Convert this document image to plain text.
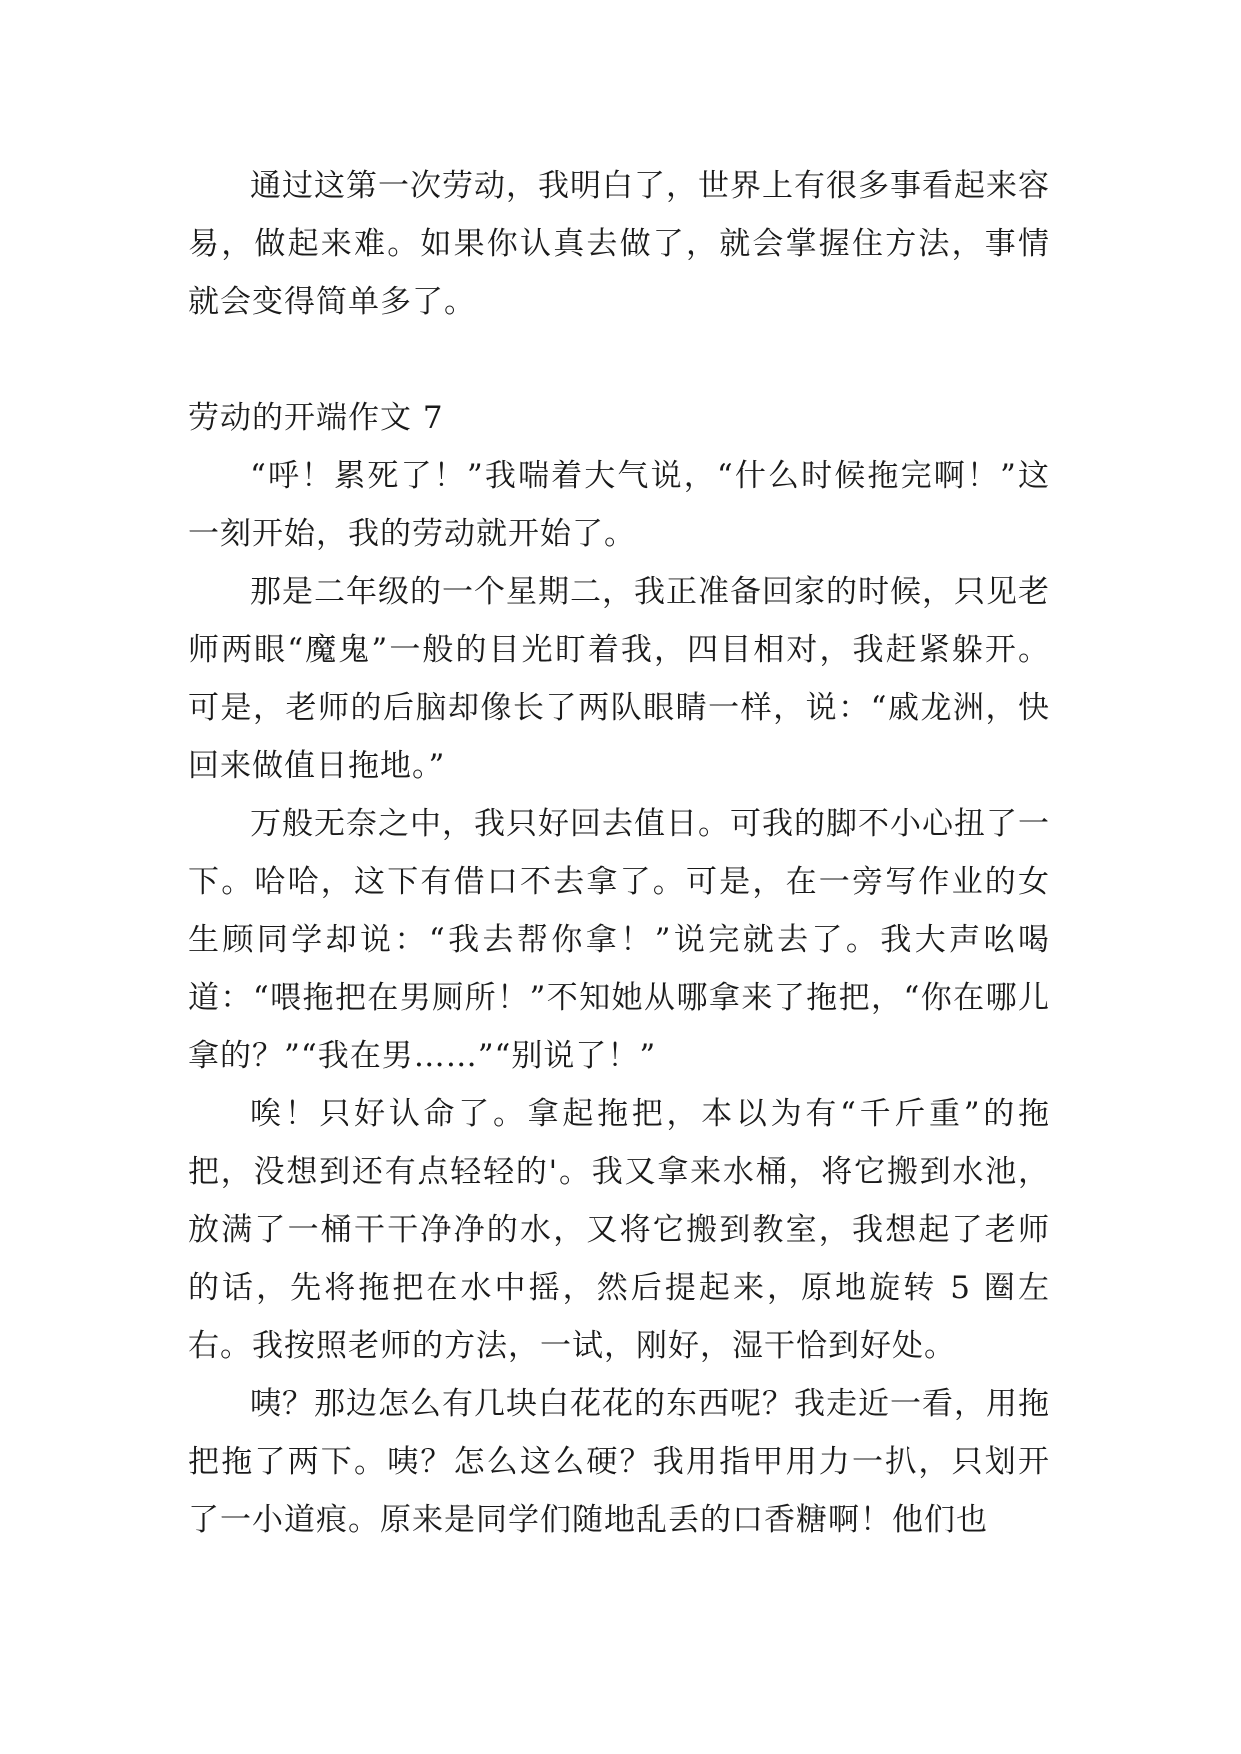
通过这第一次劳动，我明白了，世界上有很多事看起来容易，做起来难。如果你认真去做了，就会掌握住方法，事情就会变得简单多了。

劳动的开端作文 7

“呼！累死了！”我喘着大气说，“什么时候拖完啊！”这一刻开始，我的劳动就开始了。

那是二年级的一个星期二，我正准备回家的时候，只见老师两眼“魔鬼”一般的目光盯着我，四目相对，我赶紧躲开。可是，老师的后脑却像长了两队眼睛一样，说：“戚龙洲，快回来做值日拖地。”

万般无奈之中，我只好回去值日。可我的脚不小心扭了一下。哈哈，这下有借口不去拿了。可是，在一旁写作业的女生顾同学却说：“我去帮你拿！”说完就去了。我大声吆喝道：“喂拖把在男厕所！”不知她从哪拿来了拖把，“你在哪儿拿的？”“我在男……”“别说了！”

唉！只好认命了。拿起拖把，本以为有“千斤重”的拖把，没想到还有点轻轻的'。我又拿来水桶，将它搬到水池，放满了一桶干干净净的水，又将它搬到教室，我想起了老师的话，先将拖把在水中摇，然后提起来，原地旋转 5 圈左右。我按照老师的方法，一试，刚好，湿干恰到好处。

咦？那边怎么有几块白花花的东西呢？我走近一看，用拖把拖了两下。咦？怎么这么硬？我用指甲用力一扒，只划开了一小道痕。原来是同学们随地乱丢的口香糖啊！他们也
